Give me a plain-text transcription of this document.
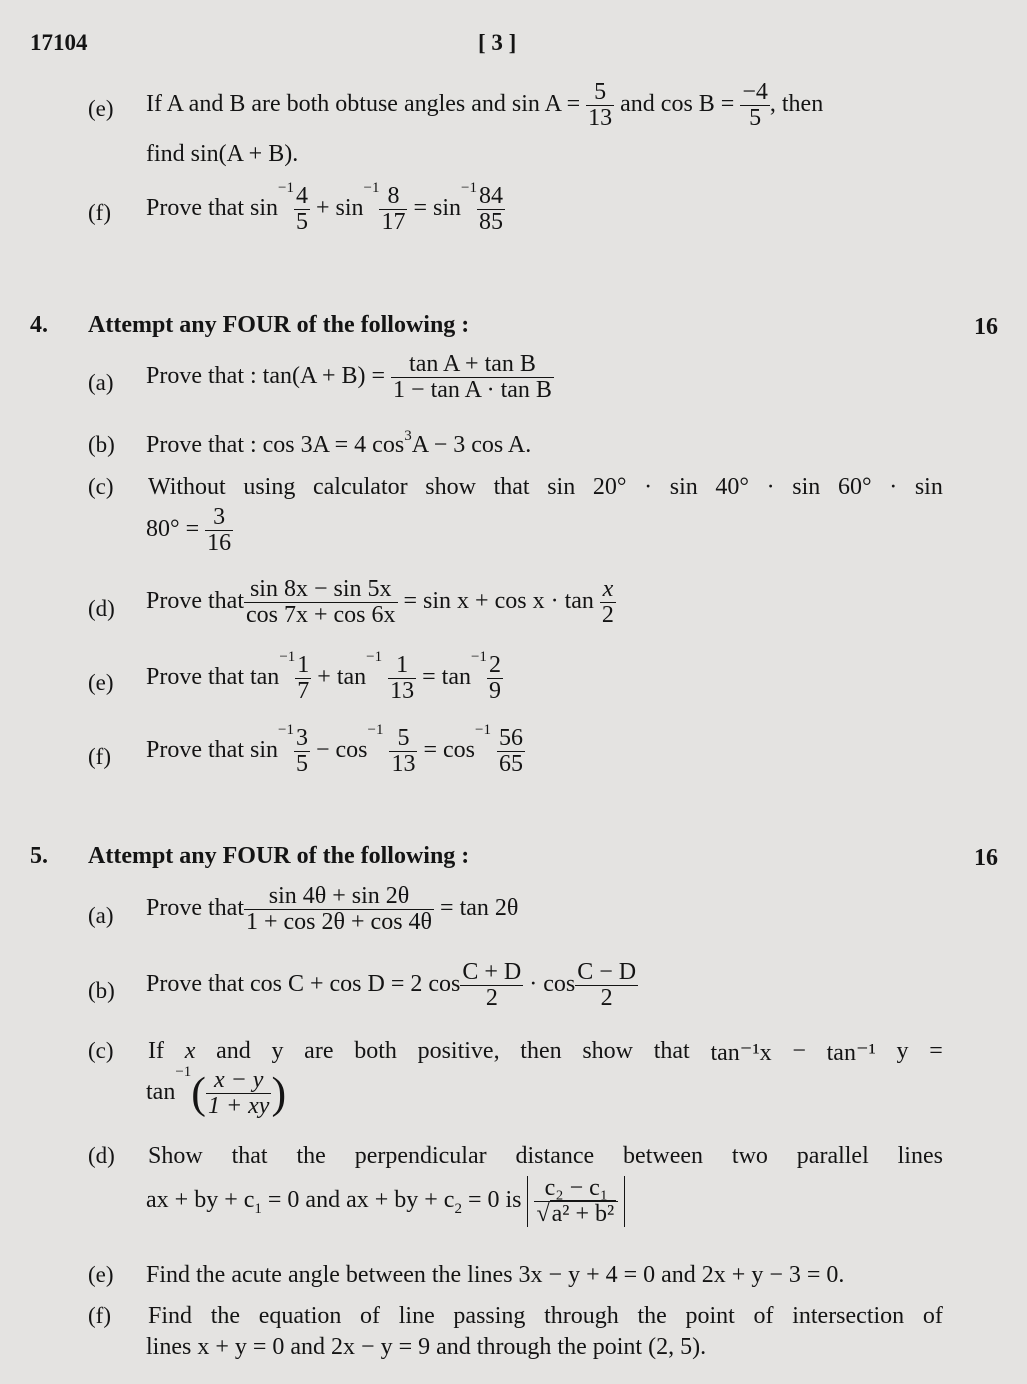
17104	[ 3 ]
(e) If A and B are both obtuse angles and $\sin A = \frac{5}{13}$ and $\cos B = \frac{-4}{5}$ , then
find sin(A + B).
(f) Prove that $\sin^{-1} \frac{4}{5} + \sin^{-1} \frac{8}{17} = \sin^{-1} \frac{84}{85}$
4. Attempt any FOUR of the following :	16
(a) Prove that : $\tan(A + B) = \frac{\text{tan A + tan B}}{\text{1 − tan A · tan B}}$
(b) Prove that : cos 3A = 4 $\cos^3A - 3$ cos A.
(c) Without using calculator show that sin 20° · sin 40° · sin 60° · sin
$80^\circ = \frac{3}{16}$
(d) Prove that $\frac{\sin 8x - \sin 5x}{\cos 7x + \cos 6x} = \sin x + \cos x \cdot \tan \frac{x}{2}$
(e) Prove that $\tan^{-1} \frac{1}{7} + \tan^{-1} \frac{1}{13} = \tan^{-1} \frac{2}{9}$
(f) Prove that $\sin^{-1} \frac{3}{5} - \cos^{-1} \frac{5}{13} = \cos^{-1} \frac{56}{65}$
5. Attempt any FOUR of the following :	16
(a) Prove that $\frac{\sin 4\theta + \sin 2\theta}{1 + \cos 2\theta + \cos 4\theta} = \tan 2\theta$
(b) Prove that cos C + cos D = 2 $\cos \frac{C + D}{2} \cdot \cos \frac{C - D}{2}$
(c) If x and y are both positive, then show that tan⁻¹x − tan⁻¹ y =
$\tan^{-1}( \frac{x - y}{1 + xy}$ )
(d) Show that the perpendicular distance between two parallel lines
ax + by + $c_1 = 0$ and ax + by + $c_2 = 0$ is $\frac{\text{c₂ − c₁}}{\text{√a² + b²}}$
(e) Find the acute angle between the lines 3x − y + 4 = 0 and 2x + y − 3 = 0.
(f) Find the equation of line passing through the point of intersection of
lines x + y = 0 and 2x − y = 9 and through the point (2, 5).
